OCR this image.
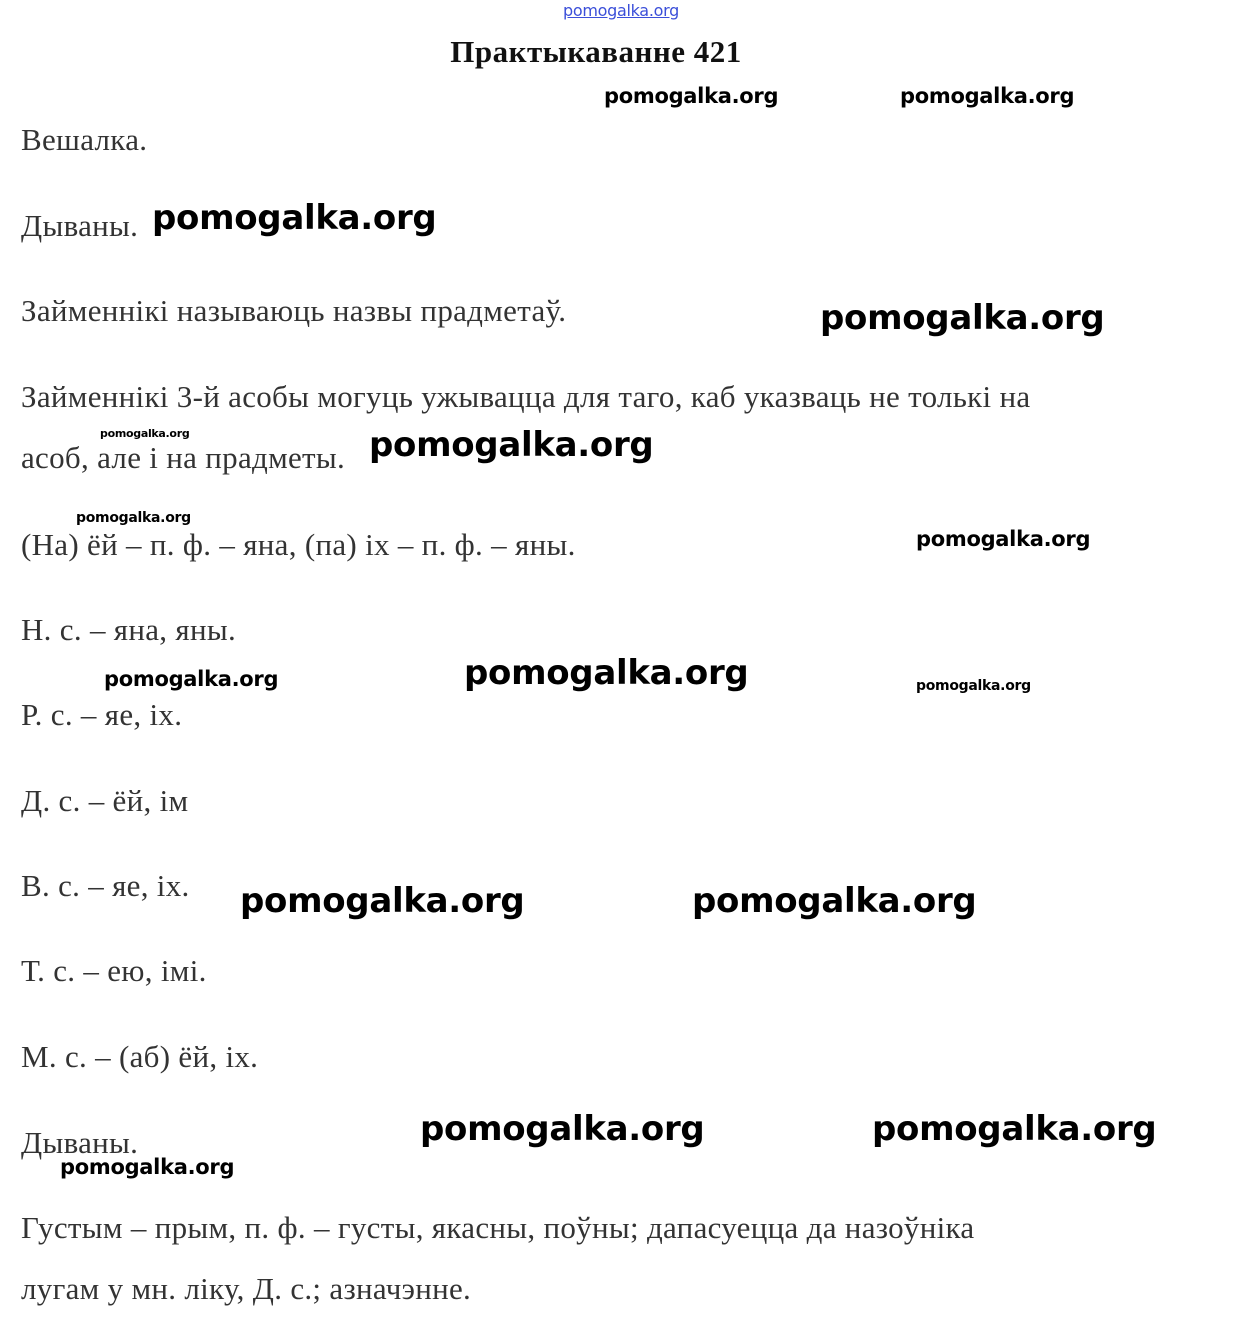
pomogalka.org
Практыкаванне 421
Вешалка.
Дываны.
Займеннікі называюць назвы прадметаў.
Займеннікі 3-й асобы могуць ужывацца для таго, каб указваць не толькі на
асоб, але і на прадметы.
(На) ёй – п. ф. – яна, (па) іх – п. ф. – яны.
Н. с. – яна, яны.
Р. с. – яе, іх.
Д. с. – ёй, ім
В. с. – яе, іх.
Т. с. – ею, імі.
М. с. – (аб) ёй, іх.
Дываны.
Густым – прым, п. ф. – густы, якасны, поўны; дапасуецца да назоўніка
лугам у мн. ліку, Д. с.; азначэнне.
pomogalka.org	pomogalka.org
pomogalka.org
pomogalka.org
pomogalka.org	pomogalka.org
pomogalka.org
pomogalka.org
pomogalka.org	pomogalka.org	pomogalka.org
pomogalka.org	pomogalka.org
pomogalka.org	pomogalka.org
pomogalka.org
